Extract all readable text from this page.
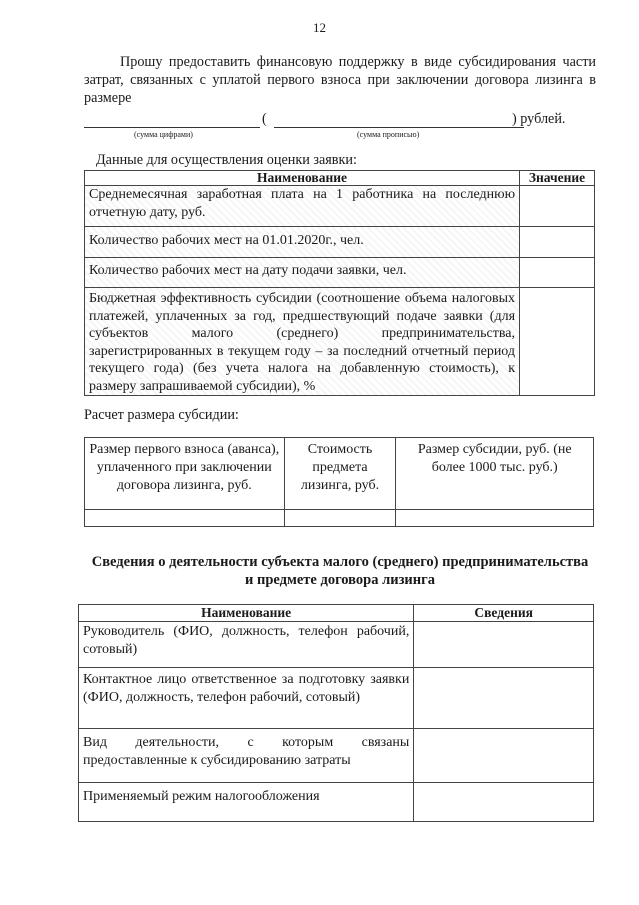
12
Прошу предоставить финансовую поддержку в виде субсидирования части затрат, связанных с уплатой первого взноса при заключении договора лизинга в размере
(	) рублей.
(сумма цифрами)	(сумма прописью)
Данные для осуществления оценки заявки:
Наименование	Значение
Среднемесячная заработная плата на 1 работника на последнюю отчетную дату, руб.	
Количество рабочих мест на 01.01.2020г., чел.	
Количество рабочих мест на дату подачи заявки, чел.	
Бюджетная эффективность субсидии (соотношение объема налоговых платежей, уплаченных за год, предшествующий подаче заявки (для субъектов малого (среднего) предпринимательства, зарегистрированных в текущем году – за последний отчетный период текущего года) (без учета налога на добавленную стоимость), к размеру запрашиваемой субсидии), %	
Расчет размера субсидии:
Размер первого взноса (аванса), уплаченного при заключении договора лизинга, руб.	Стоимость предмета лизинга, руб.	Размер субсидии, руб. (не более 1000 тыс. руб.)

Сведения о деятельности субъекта малого (среднего) предпринимательства
и предмете договора лизинга
Наименование	Сведения
Руководитель (ФИО, должность, телефон рабочий, сотовый)	
Контактное лицо ответственное за подготовку заявки (ФИО, должность, телефон рабочий, сотовый)	
Вид деятельности, с которым связаны предоставленные к субсидированию затраты	
Применяемый режим налогообложения	
